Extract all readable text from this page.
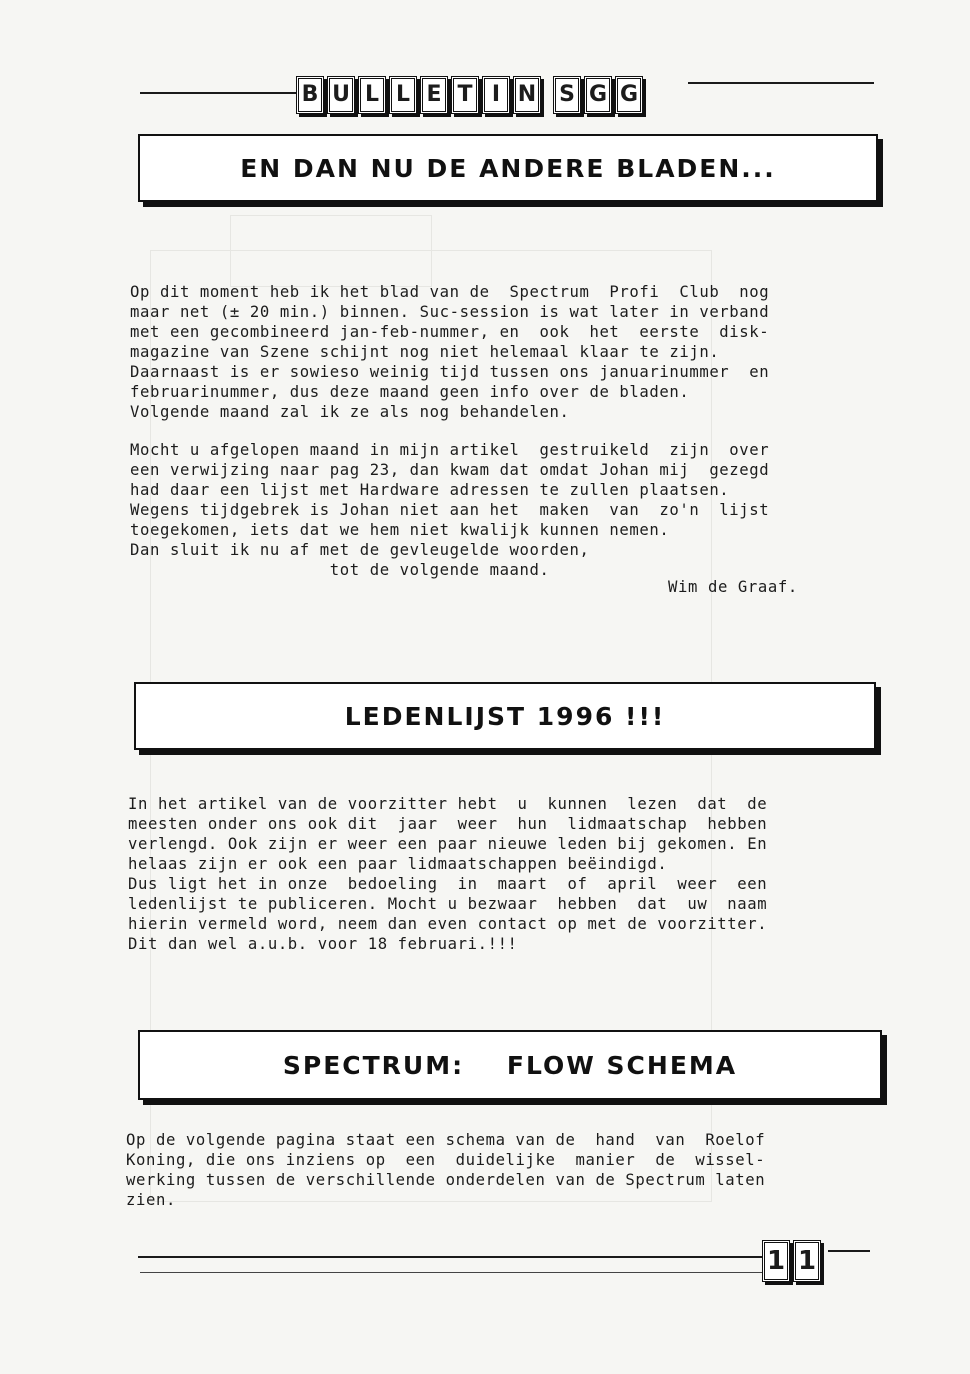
B U L L E T I N S G G
EN DAN NU DE ANDERE BLADEN...
Op dit moment heb ik het blad van de  Spectrum  Profi  Club  nog
maar net (± 20 min.) binnen. Suc-session is wat later in verband
met een gecombineerd jan-feb-nummer, en  ook  het  eerste  disk-
magazine van Szene schijnt nog niet helemaal klaar te zijn.
Daarnaast is er sowieso weinig tijd tussen ons januarinummer  en
februarinummer, dus deze maand geen info over de bladen.
Volgende maand zal ik ze als nog behandelen.
Mocht u afgelopen maand in mijn artikel  gestruikeld  zijn  over
een verwijzing naar pag 23, dan kwam dat omdat Johan mij  gezegd
had daar een lijst met Hardware adressen te zullen plaatsen.
Wegens tijdgebrek is Johan niet aan het  maken  van  zo'n  lijst
toegekomen, iets dat we hem niet kwalijk kunnen nemen.
Dan sluit ik nu af met de gevleugelde woorden,
tot de volgende maand.
Wim de Graaf.
LEDENLIJST 1996 !!!
In het artikel van de voorzitter hebt  u  kunnen  lezen  dat  de
meesten onder ons ook dit  jaar  weer  hun  lidmaatschap  hebben
verlengd. Ook zijn er weer een paar nieuwe leden bij gekomen. En
helaas zijn er ook een paar lidmaatschappen beëindigd.
Dus ligt het in onze  bedoeling  in  maart  of  april  weer  een
ledenlijst te publiceren. Mocht u bezwaar  hebben  dat  uw  naam
hierin vermeld word, neem dan even contact op met de voorzitter.
Dit dan wel a.u.b. voor 18 februari.!!!
SPECTRUM:    FLOW SCHEMA
Op de volgende pagina staat een schema van de  hand  van  Roelof
Koning, die ons inziens op  een  duidelijke  manier  de  wissel-
werking tussen de verschillende onderdelen van de Spectrum laten
zien.
1 1
